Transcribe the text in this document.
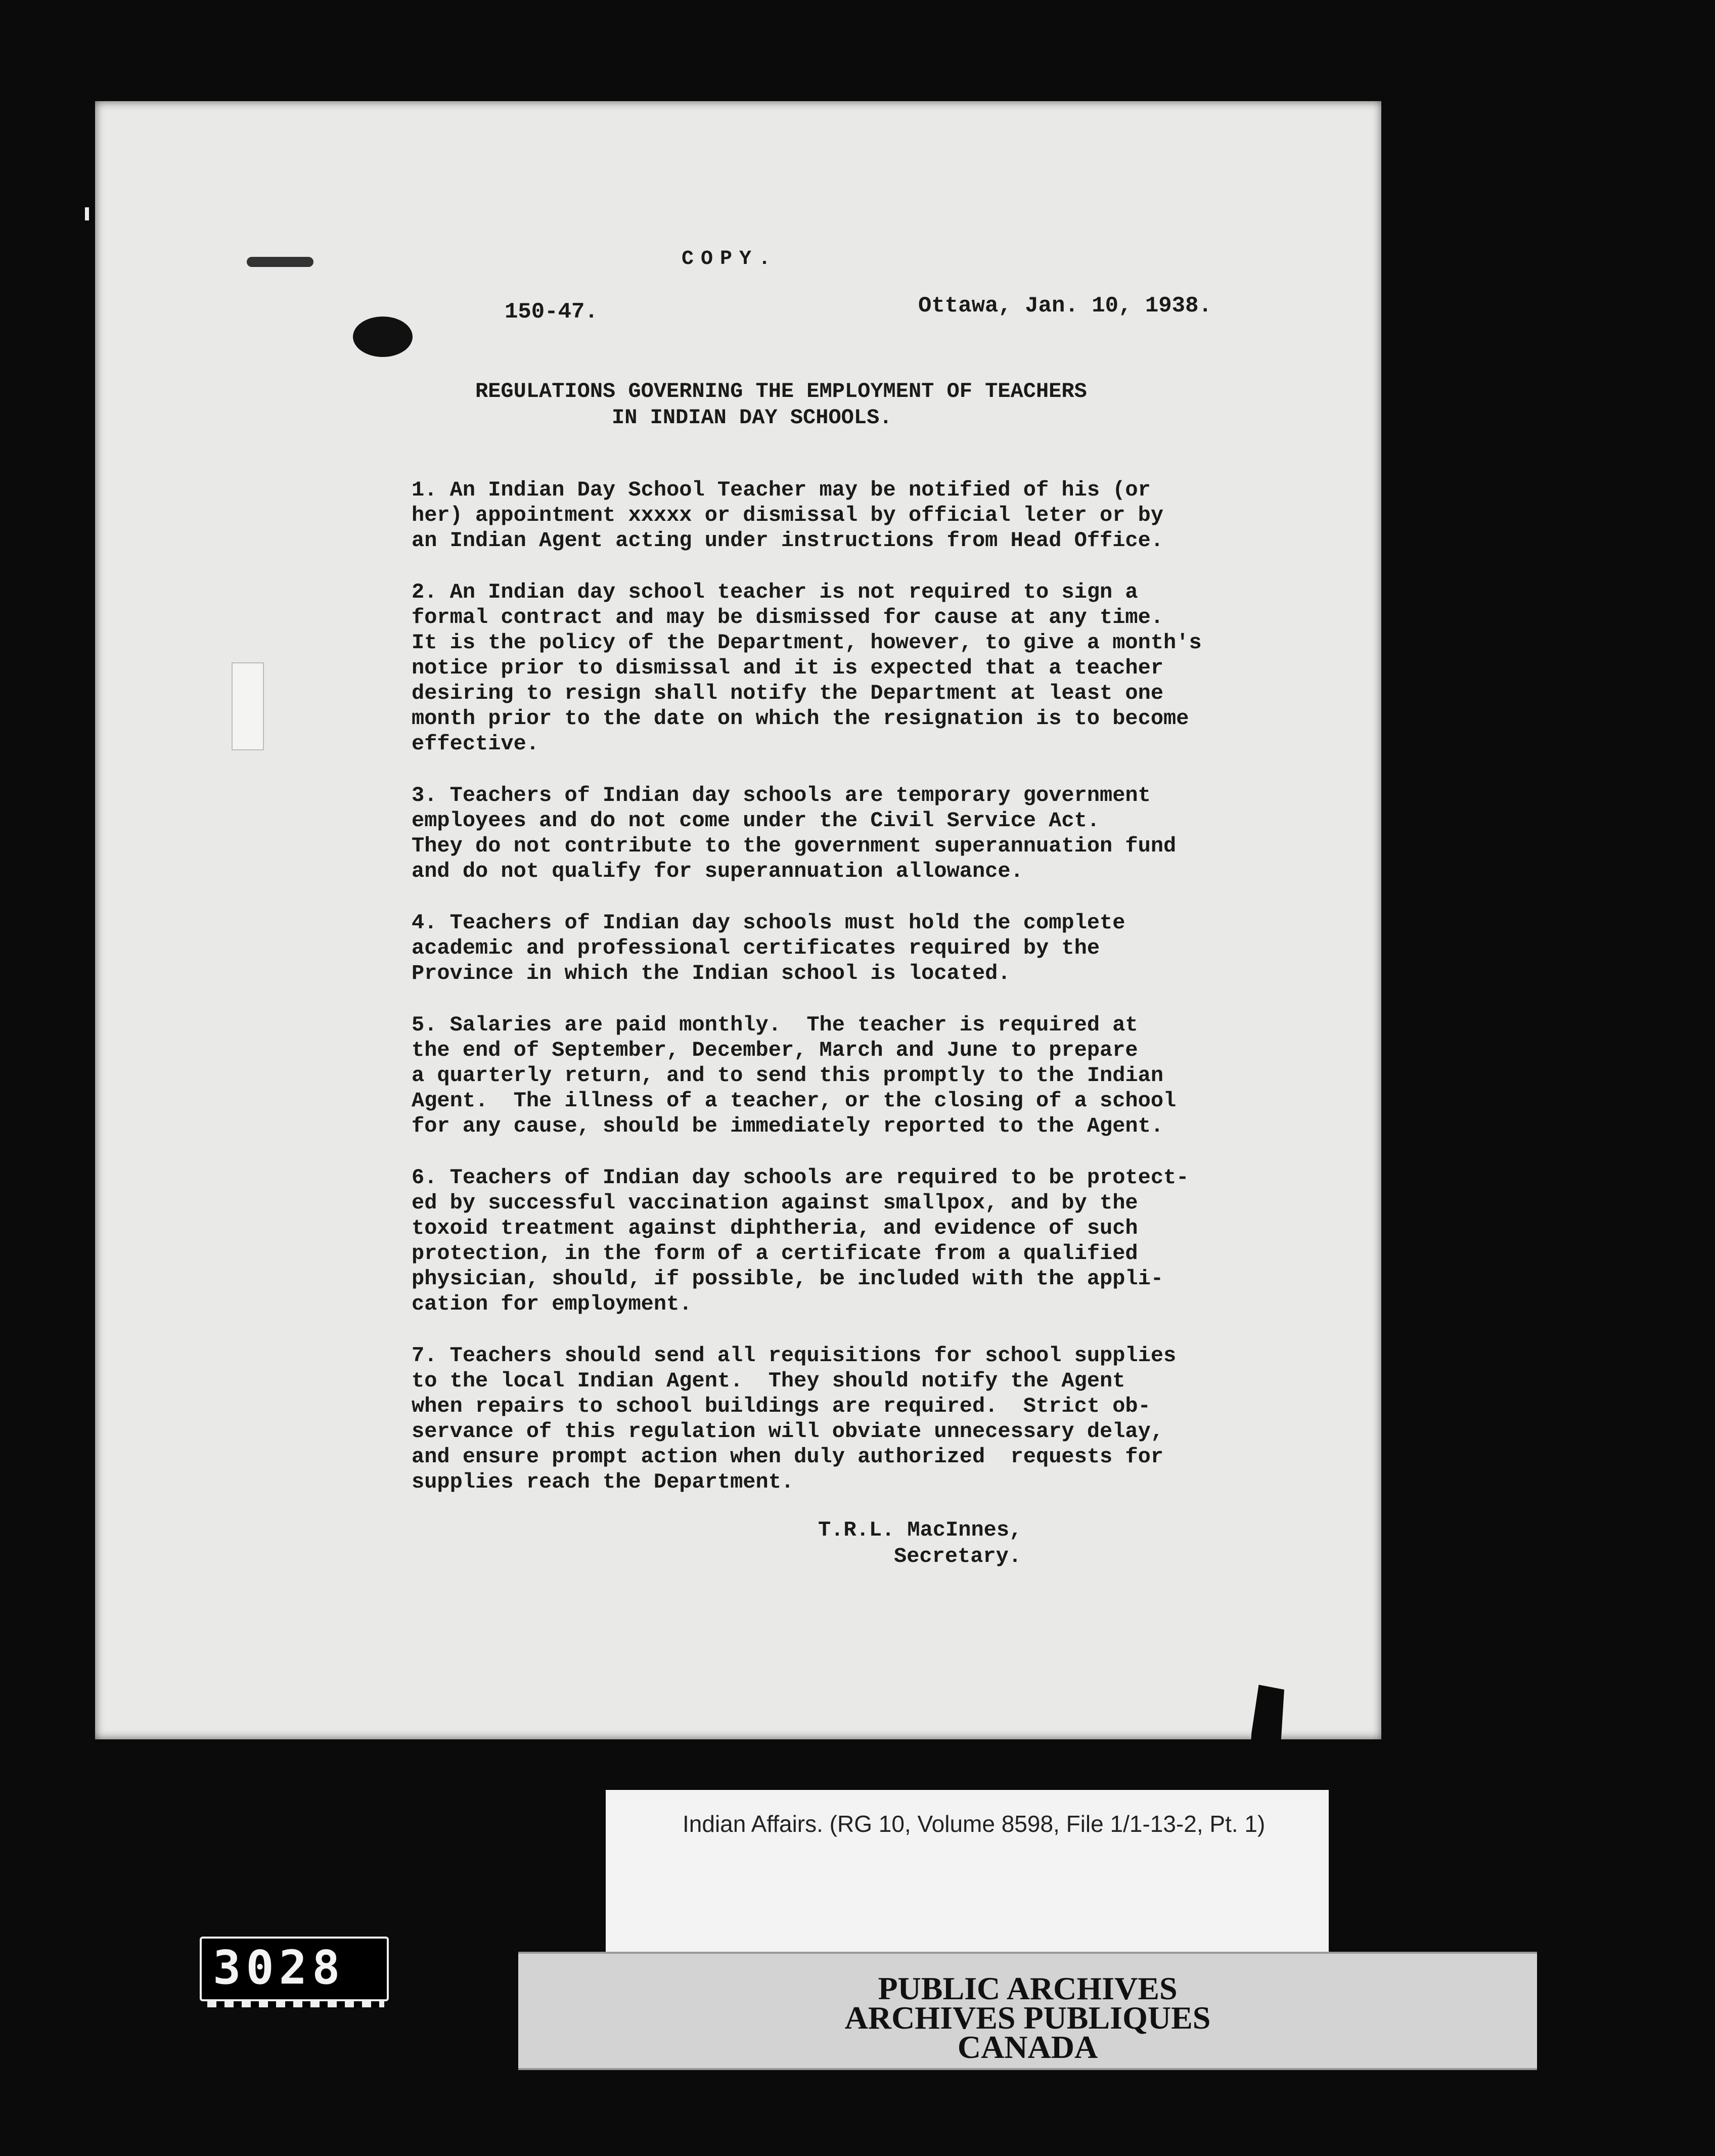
COPY.
150-47.	Ottawa, Jan. 10, 1938.
REGULATIONS GOVERNING THE EMPLOYMENT OF TEACHERS
IN INDIAN DAY SCHOOLS.

1. An Indian Day School Teacher may be notified of his (or
her) appointment xxxxx or dismissal by official leter or by
an Indian Agent acting under instructions from Head Office.

2. An Indian day school teacher is not required to sign a
formal contract and may be dismissed for cause at any time.
It is the policy of the Department, however, to give a month's
notice prior to dismissal and it is expected that a teacher
desiring to resign shall notify the Department at least one
month prior to the date on which the resignation is to become
effective.

3. Teachers of Indian day schools are temporary government
employees and do not come under the Civil Service Act.
They do not contribute to the government superannuation fund
and do not qualify for superannuation allowance.

4. Teachers of Indian day schools must hold the complete
academic and professional certificates required by the
Province in which the Indian school is located.

5. Salaries are paid monthly.  The teacher is required at
the end of September, December, March and June to prepare
a quarterly return, and to send this promptly to the Indian
Agent.  The illness of a teacher, or the closing of a school
for any cause, should be immediately reported to the Agent.

6. Teachers of Indian day schools are required to be protect-
ed by successful vaccination against smallpox, and by the
toxoid treatment against diphtheria, and evidence of such
protection, in the form of a certificate from a qualified
physician, should, if possible, be included with the appli-
cation for employment.

7. Teachers should send all requisitions for school supplies
to the local Indian Agent.  They should notify the Agent
when repairs to school buildings are required.  Strict ob-
servance of this regulation will obviate unnecessary delay,
and ensure prompt action when duly authorized  requests for
supplies reach the Department.

T.R.L. MacInnes,
Secretary.
Indian Affairs. (RG 10, Volume 8598, File 1/1-13-2, Pt. 1)
PUBLIC ARCHIVES
ARCHIVES PUBLIQUES
CANADA
3028
